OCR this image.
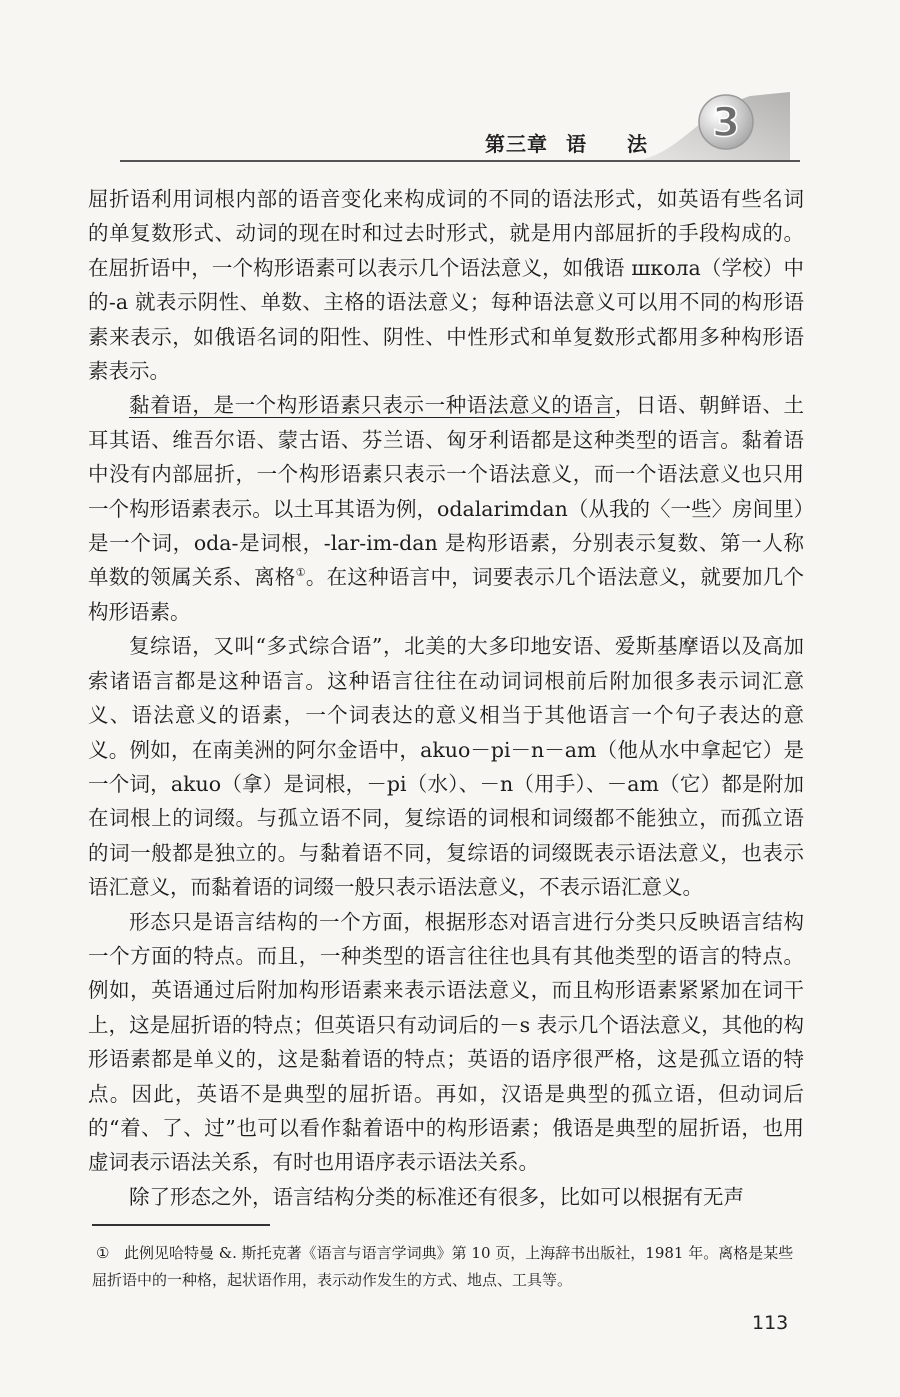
第三章 语 法 3

屈折语利用词根内部的语音变化来构成词的不同的语法形式，如英语有些名词的单复数形式、动词的现在时和过去时形式，就是用内部屈折的手段构成的。在屈折语中，一个构形语素可以表示几个语法意义，如俄语 школа（学校）中的-a 就表示阴性、单数、主格的语法意义；每种语法意义可以用不同的构形语素来表示，如俄语名词的阳性、阴性、中性形式和单复数形式都用多种构形语素表示。

黏着语，是一个构形语素只表示一种语法意义的语言，日语、朝鲜语、土耳其语、维吾尔语、蒙古语、芬兰语、匈牙利语都是这种类型的语言。黏着语中没有内部屈折，一个构形语素只表示一个语法意义，而一个语法意义也只用一个构形语素表示。以土耳其语为例，odalarimdan（从我的〈一些〉房间里）是一个词，oda-是词根，-lar-im-dan 是构形语素，分别表示复数、第一人称单数的领属关系、离格①。在这种语言中，词要表示几个语法意义，就要加几个构形语素。

复综语，又叫“多式综合语”，北美的大多印地安语、爱斯基摩语以及高加索诸语言都是这种语言。这种语言往往在动词词根前后附加很多表示词汇意义、语法意义的语素，一个词表达的意义相当于其他语言一个句子表达的意义。例如，在南美洲的阿尔金语中，akuo－pi－n－am（他从水中拿起它）是一个词，akuo（拿）是词根，－pi（水）、－n（用手）、－am（它）都是附加在词根上的词缀。与孤立语不同，复综语的词根和词缀都不能独立，而孤立语的词一般都是独立的。与黏着语不同，复综语的词缀既表示语法意义，也表示语汇意义，而黏着语的词缀一般只表示语法意义，不表示语汇意义。

形态只是语言结构的一个方面，根据形态对语言进行分类只反映语言结构一个方面的特点。而且，一种类型的语言往往也具有其他类型的语言的特点。例如，英语通过后附加构形语素来表示语法意义，而且构形语素紧紧加在词干上，这是屈折语的特点；但英语只有动词后的－s 表示几个语法意义，其他的构形语素都是单义的，这是黏着语的特点；英语的语序很严格，这是孤立语的特点。因此，英语不是典型的屈折语。再如，汉语是典型的孤立语，但动词后的“着、了、过”也可以看作黏着语中的构形语素；俄语是典型的屈折语，也用虚词表示语法关系，有时也用语序表示语法关系。

除了形态之外，语言结构分类的标准还有很多，比如可以根据有无声

① 此例见哈特曼 &. 斯托克著《语言与语言学词典》第 10 页，上海辞书出版社，1981 年。离格是某些屈折语中的一种格，起状语作用，表示动作发生的方式、地点、工具等。

113
